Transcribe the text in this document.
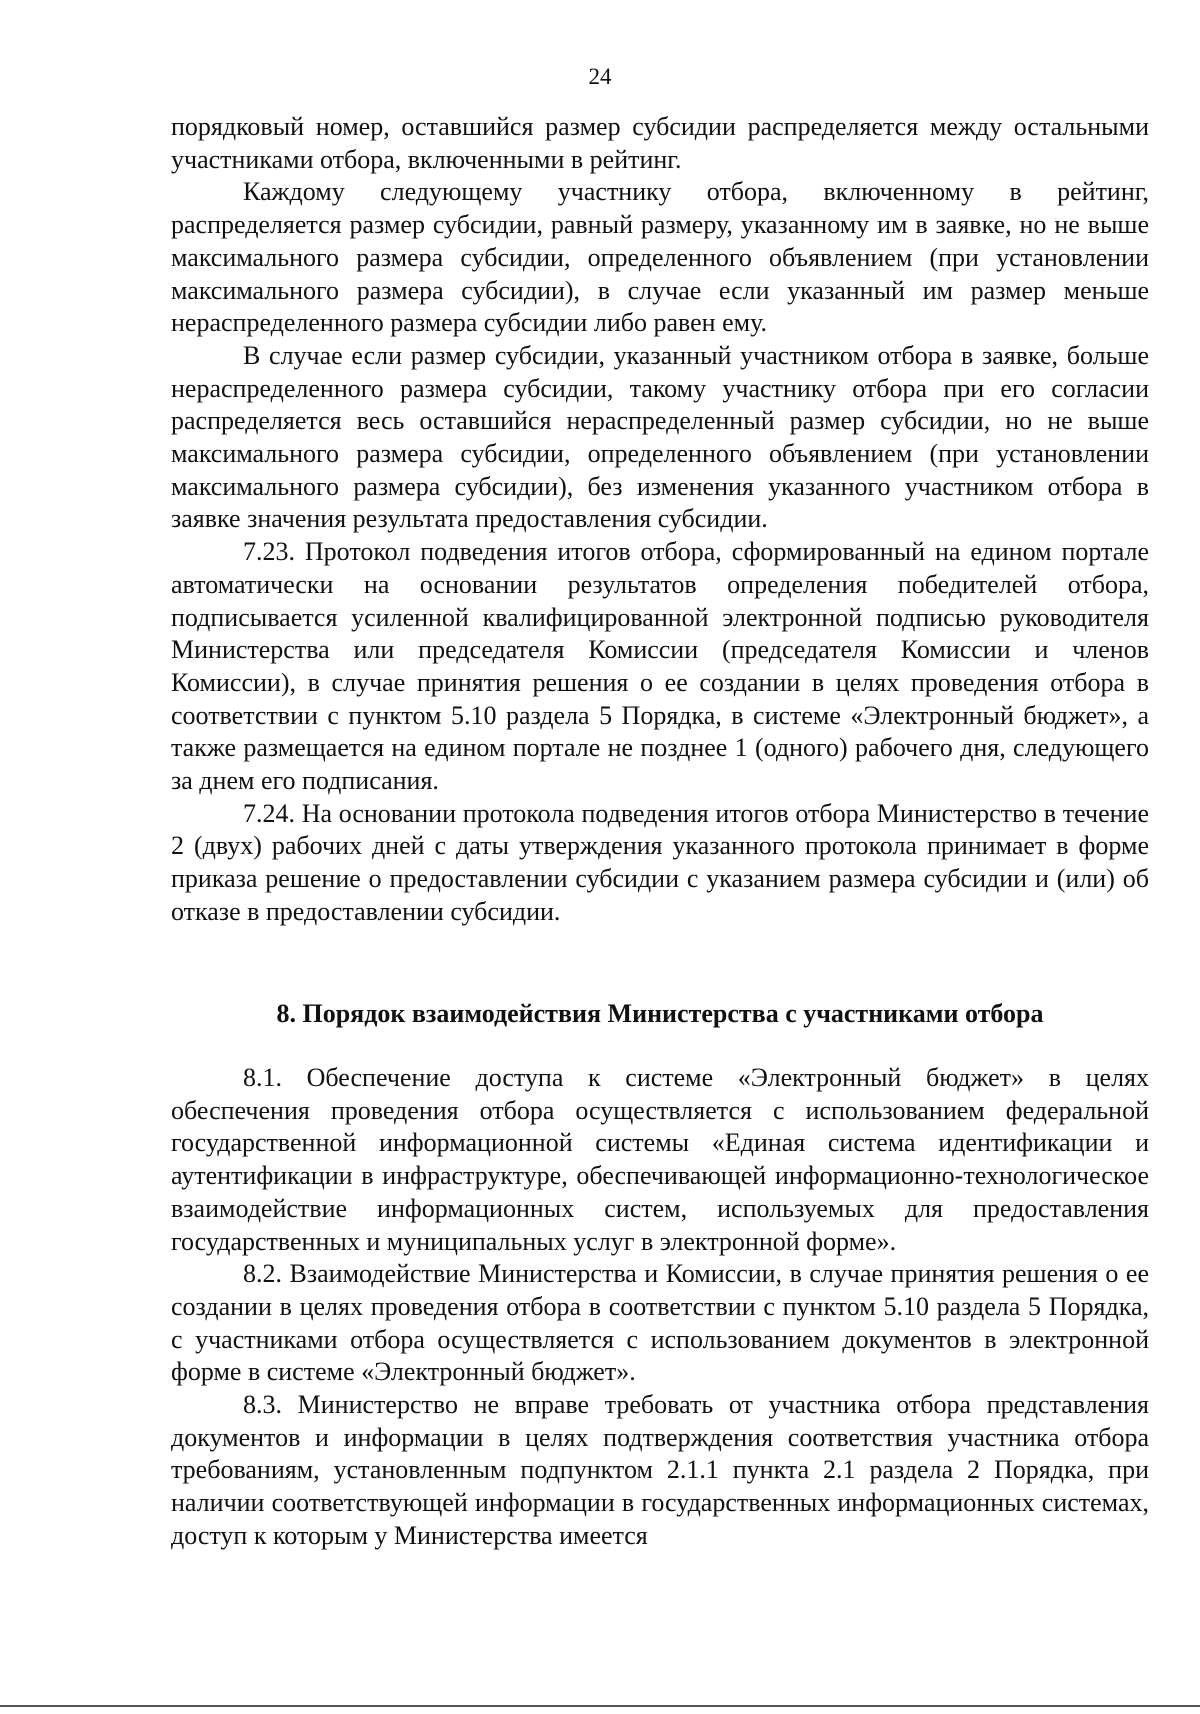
24

порядковый номер, оставшийся размер субсидии распределяется между остальными участниками отбора, включенными в рейтинг.

Каждому следующему участнику отбора, включенному в рейтинг, распределяется размер субсидии, равный размеру, указанному им в заявке, но не выше максимального размера субсидии, определенного объявлением (при установлении максимального размера субсидии), в случае если указанный им размер меньше нераспределенного размера субсидии либо равен ему.

В случае если размер субсидии, указанный участником отбора в заявке, больше нераспределенного размера субсидии, такому участнику отбора при его согласии распределяется весь оставшийся нераспределенный размер субсидии, но не выше максимального размера субсидии, определенного объявлением (при установлении максимального размера субсидии), без изменения указанного участником отбора в заявке значения результата предоставления субсидии.

7.23. Протокол подведения итогов отбора, сформированный на едином портале автоматически на основании результатов определения победителей отбора, подписывается усиленной квалифицированной электронной подписью руководителя Министерства или председателя Комиссии (председателя Комиссии и членов Комиссии), в случае принятия решения о ее создании в целях проведения отбора в соответствии с пунктом 5.10 раздела 5 Порядка, в системе «Электронный бюджет», а также размещается на едином портале не позднее 1 (одного) рабочего дня, следующего за днем его подписания.

7.24. На основании протокола подведения итогов отбора Министерство в течение 2 (двух) рабочих дней с даты утверждения указанного протокола принимает в форме приказа решение о предоставлении субсидии с указанием размера субсидии и (или) об отказе в предоставлении субсидии.

8. Порядок взаимодействия Министерства с участниками отбора

8.1. Обеспечение доступа к системе «Электронный бюджет» в целях обеспечения проведения отбора осуществляется с использованием федеральной государственной информационной системы «Единая система идентификации и аутентификации в инфраструктуре, обеспечивающей информационно-технологическое взаимодействие информационных систем, используемых для предоставления государственных и муниципальных услуг в электронной форме».

8.2. Взаимодействие Министерства и Комиссии, в случае принятия решения о ее создании в целях проведения отбора в соответствии с пунктом 5.10 раздела 5 Порядка, с участниками отбора осуществляется с использованием документов в электронной форме в системе «Электронный бюджет».

8.3. Министерство не вправе требовать от участника отбора представления документов и информации в целях подтверждения соответствия участника отбора требованиям, установленным подпунктом 2.1.1 пункта 2.1 раздела 2 Порядка, при наличии соответствующей информации в государственных информационных системах, доступ к которым у Министерства имеется
